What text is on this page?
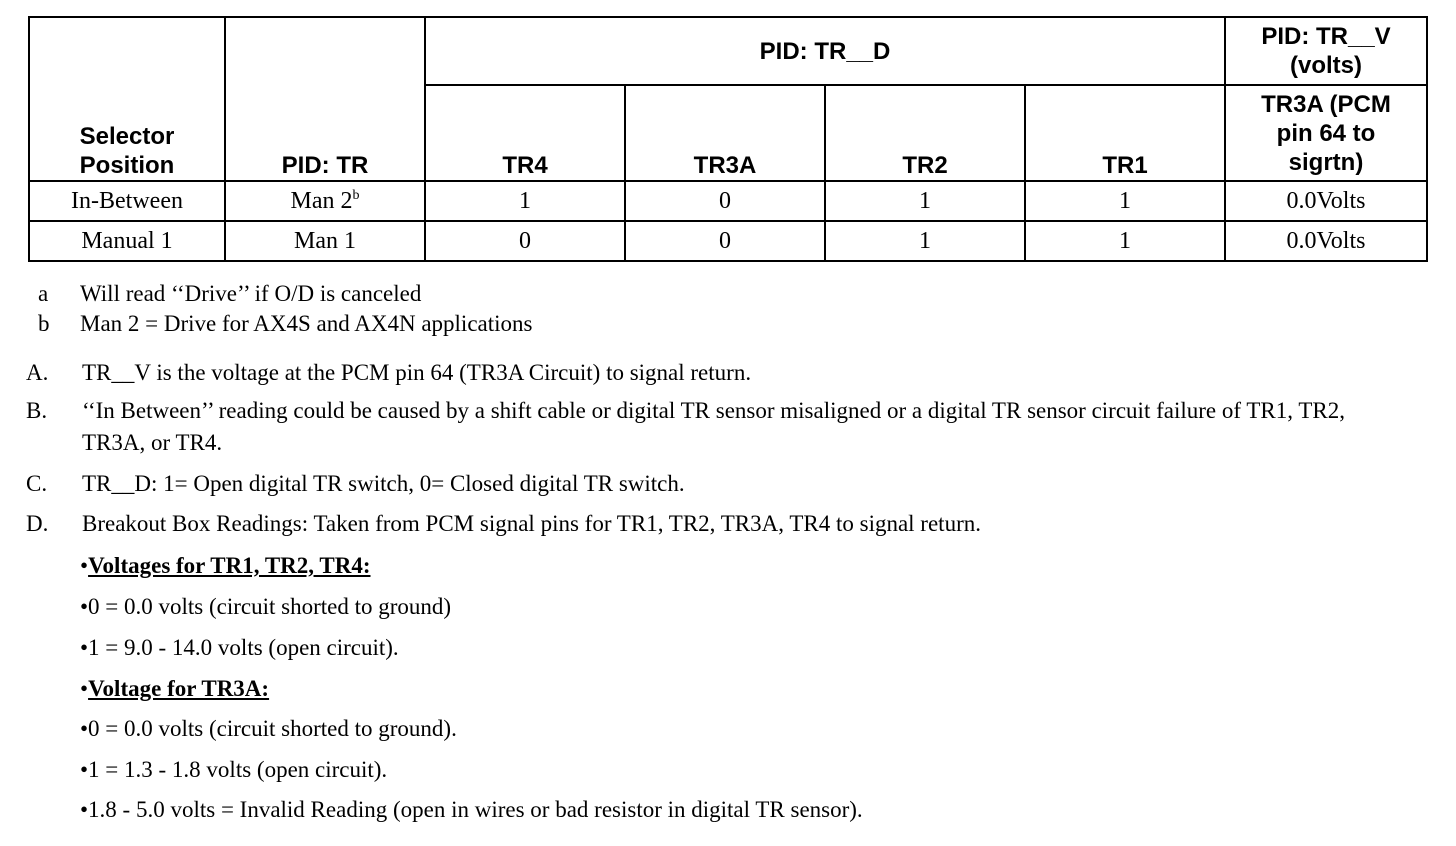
Selector Position	PID: TR	PID: TR__D				PID: TR__V (volts)
		TR4	TR3A	TR2	TR1	TR3A (PCM pin 64 to sigrtn)
In-Between	Man 2$^b$	1	0	1	1	0.0Volts
Manual 1	Man 1	0	0	1	1	0.0Volts
a Will read ‘‘Drive’’ if O/D is canceled
b Man 2 = Drive for AX4S and AX4N applications
A. TR__V is the voltage at the PCM pin 64 (TR3A Circuit) to signal return.
B. ‘‘In Between’’ reading could be caused by a shift cable or digital TR sensor misaligned or a digital TR sensor circuit failure of TR1, TR2, TR3A, or TR4.
C. TR__D: 1= Open digital TR switch, 0= Closed digital TR switch.
D. Breakout Box Readings: Taken from PCM signal pins for TR1, TR2, TR3A, TR4 to signal return.
•Voltages for TR1, TR2, TR4:
•0 = 0.0 volts (circuit shorted to ground)
•1 = 9.0 - 14.0 volts (open circuit).
•Voltage for TR3A:
•0 = 0.0 volts (circuit shorted to ground).
•1 = 1.3 - 1.8 volts (open circuit).
•1.8 - 5.0 volts = Invalid Reading (open in wires or bad resistor in digital TR sensor).
